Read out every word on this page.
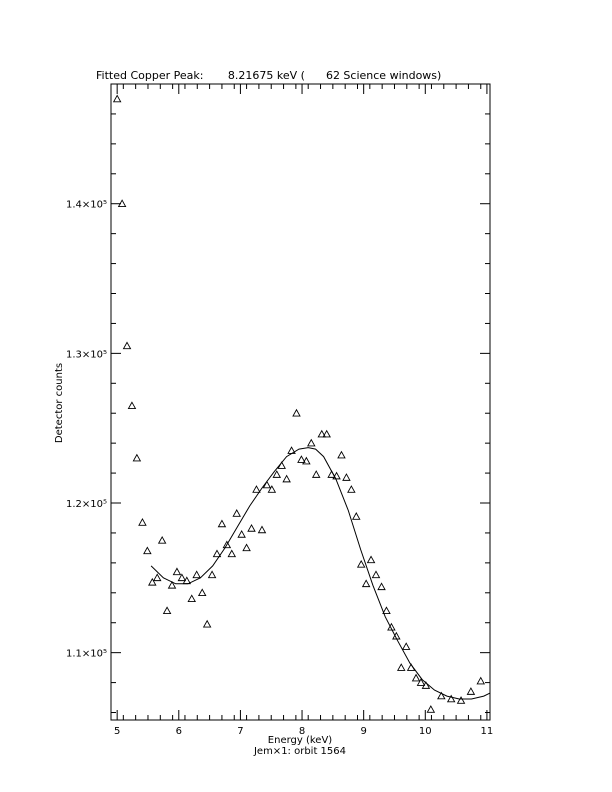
Fitted Copper Peak:       8.21675 keV (      62 Science windows)
5	6	7	8	9	10	11
1.1×10⁵
1.2×10⁵
1.3×10⁵
1.4×10⁵
Energy (keV)
Jem×1: orbit 1564
Detector counts
